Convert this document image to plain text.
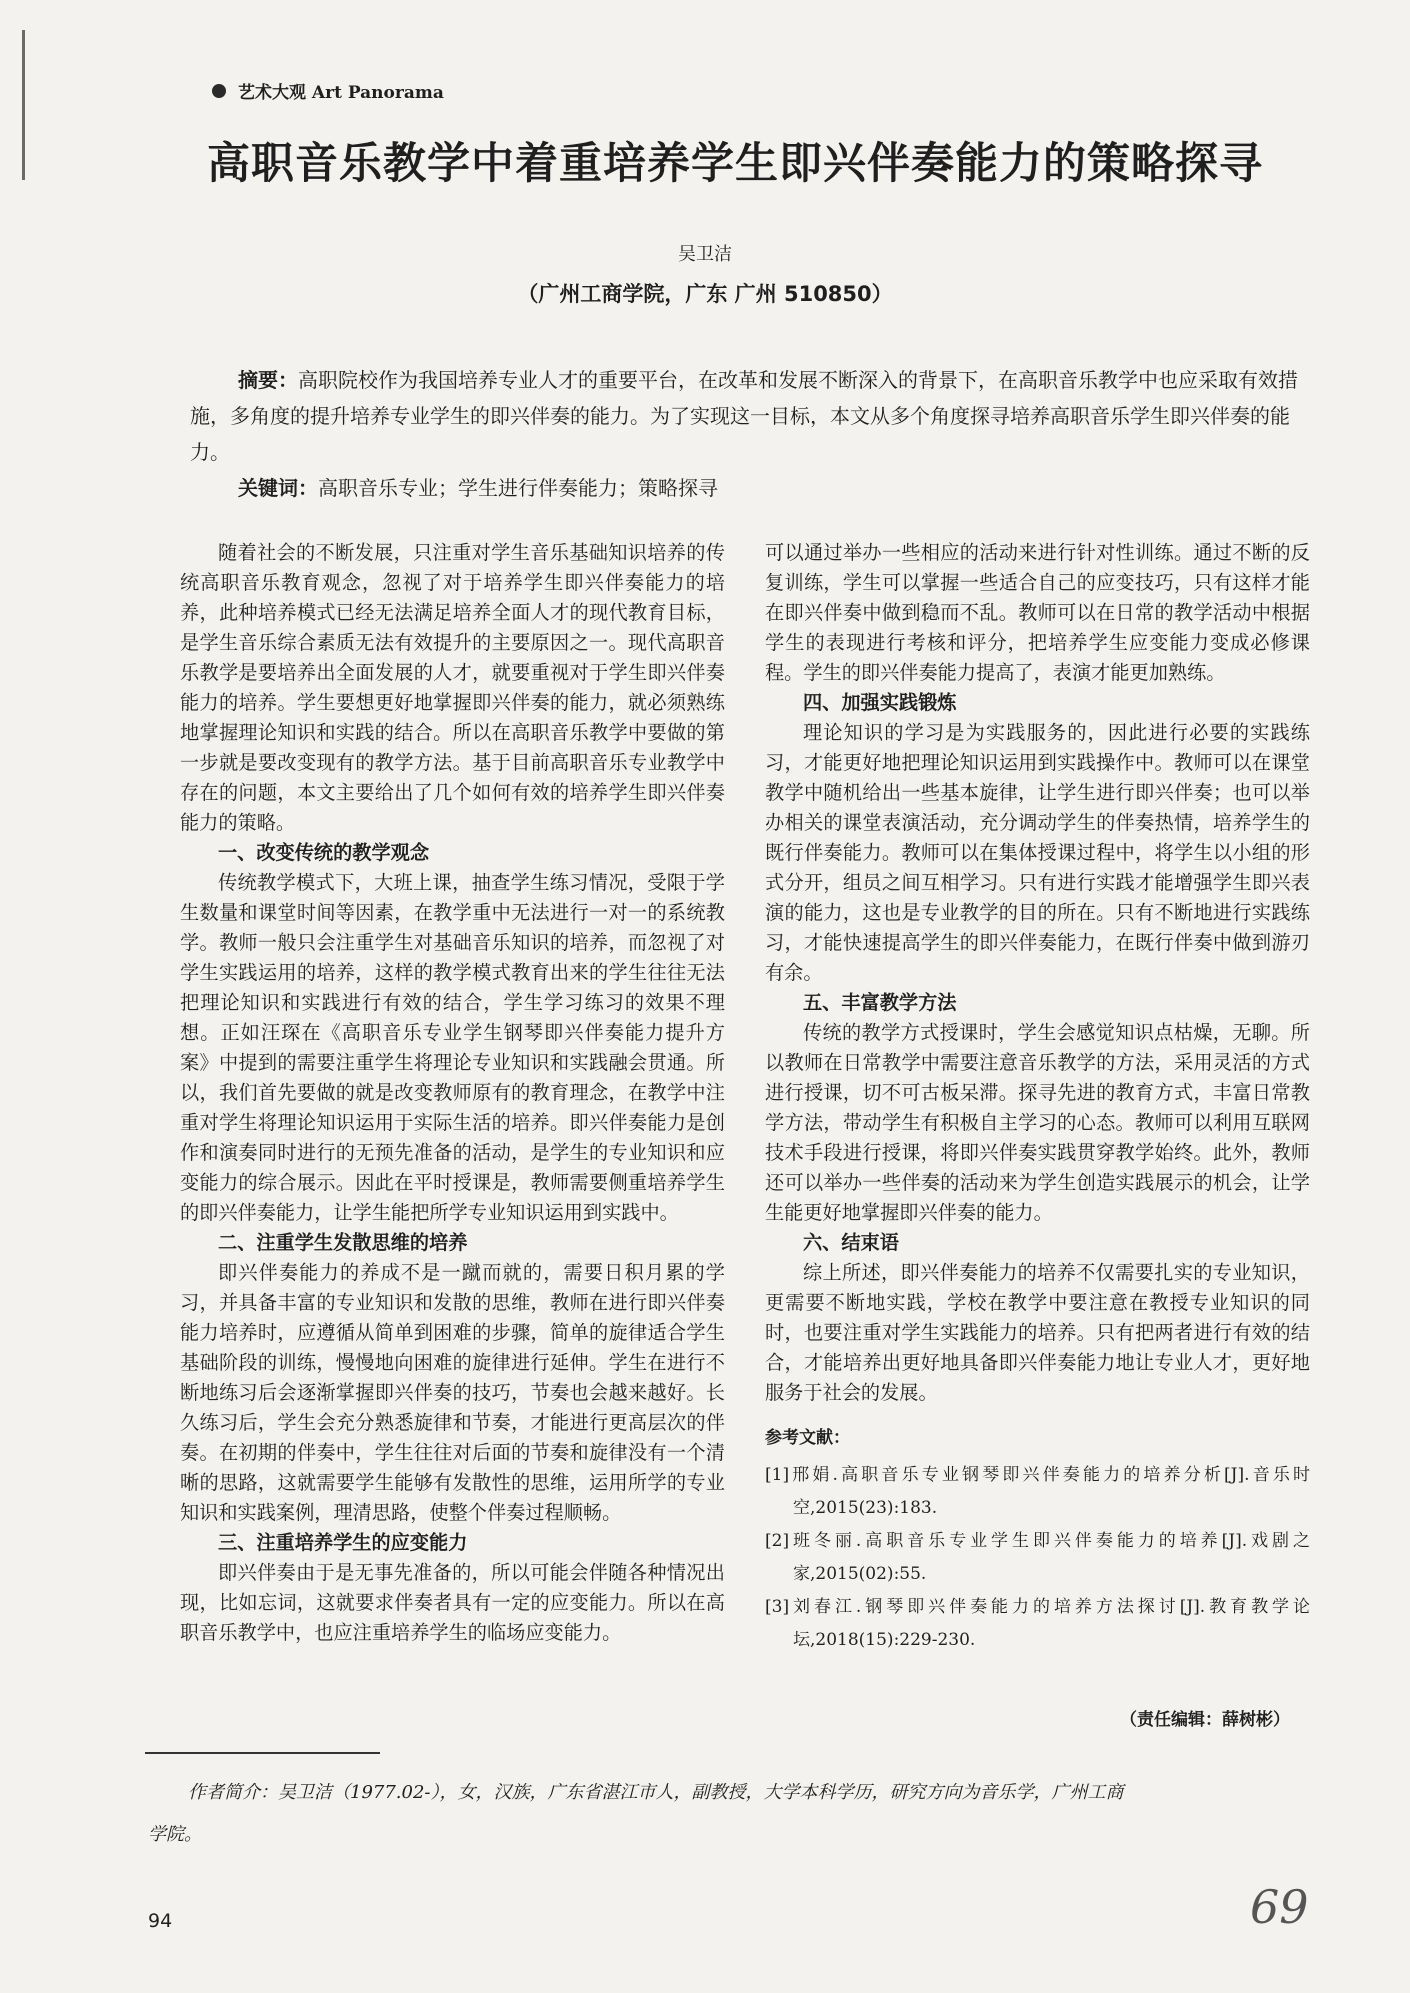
艺术大观 Art Panorama
高职音乐教学中着重培养学生即兴伴奏能力的策略探寻
吴卫洁
（广州工商学院，广东 广州 510850）

摘要：高职院校作为我国培养专业人才的重要平台，在改革和发展不断深入的背景下，在高职音乐教学中也应采取有效措施，多角度的提升培养专业学生的即兴伴奏的能力。为了实现这一目标，本文从多个角度探寻培养高职音乐学生即兴伴奏的能力。

关键词：高职音乐专业；学生进行伴奏能力；策略探寻

随着社会的不断发展，只注重对学生音乐基础知识培养的传统高职音乐教育观念，忽视了对于培养学生即兴伴奏能力的培养，此种培养模式已经无法满足培养全面人才的现代教育目标，是学生音乐综合素质无法有效提升的主要原因之一。现代高职音乐教学是要培养出全面发展的人才，就要重视对于学生即兴伴奏能力的培养。学生要想更好地掌握即兴伴奏的能力，就必须熟练地掌握理论知识和实践的结合。所以在高职音乐教学中要做的第一步就是要改变现有的教学方法。基于目前高职音乐专业教学中存在的问题，本文主要给出了几个如何有效的培养学生即兴伴奏能力的策略。

一、改变传统的教学观念

传统教学模式下，大班上课，抽查学生练习情况，受限于学生数量和课堂时间等因素，在教学重中无法进行一对一的系统教学。教师一般只会注重学生对基础音乐知识的培养，而忽视了对学生实践运用的培养，这样的教学模式教育出来的学生往往无法把理论知识和实践进行有效的结合，学生学习练习的效果不理想。正如汪琛在《高职音乐专业学生钢琴即兴伴奏能力提升方案》中提到的需要注重学生将理论专业知识和实践融会贯通。所以，我们首先要做的就是改变教师原有的教育理念，在教学中注重对学生将理论知识运用于实际生活的培养。即兴伴奏能力是创作和演奏同时进行的无预先准备的活动，是学生的专业知识和应变能力的综合展示。因此在平时授课是，教师需要侧重培养学生的即兴伴奏能力，让学生能把所学专业知识运用到实践中。

二、注重学生发散思维的培养

即兴伴奏能力的养成不是一蹴而就的，需要日积月累的学习，并具备丰富的专业知识和发散的思维，教师在进行即兴伴奏能力培养时，应遵循从简单到困难的步骤，简单的旋律适合学生基础阶段的训练，慢慢地向困难的旋律进行延伸。学生在进行不断地练习后会逐渐掌握即兴伴奏的技巧，节奏也会越来越好。长久练习后，学生会充分熟悉旋律和节奏，才能进行更高层次的伴奏。在初期的伴奏中，学生往往对后面的节奏和旋律没有一个清晰的思路，这就需要学生能够有发散性的思维，运用所学的专业知识和实践案例，理清思路，使整个伴奏过程顺畅。

三、注重培养学生的应变能力

即兴伴奏由于是无事先准备的，所以可能会伴随各种情况出现，比如忘词，这就要求伴奏者具有一定的应变能力。所以在高职音乐教学中，也应注重培养学生的临场应变能力。

可以通过举办一些相应的活动来进行针对性训练。通过不断的反复训练，学生可以掌握一些适合自己的应变技巧，只有这样才能在即兴伴奏中做到稳而不乱。教师可以在日常的教学活动中根据学生的表现进行考核和评分，把培养学生应变能力变成必修课程。学生的即兴伴奏能力提高了，表演才能更加熟练。

四、加强实践锻炼

理论知识的学习是为实践服务的，因此进行必要的实践练习，才能更好地把理论知识运用到实践操作中。教师可以在课堂教学中随机给出一些基本旋律，让学生进行即兴伴奏；也可以举办相关的课堂表演活动，充分调动学生的伴奏热情，培养学生的既行伴奏能力。教师可以在集体授课过程中，将学生以小组的形式分开，组员之间互相学习。只有进行实践才能增强学生即兴表演的能力，这也是专业教学的目的所在。只有不断地进行实践练习，才能快速提高学生的即兴伴奏能力，在既行伴奏中做到游刃有余。

五、丰富教学方法

传统的教学方式授课时，学生会感觉知识点枯燥，无聊。所以教师在日常教学中需要注意音乐教学的方法，采用灵活的方式进行授课，切不可古板呆滞。探寻先进的教育方式，丰富日常教学方法，带动学生有积极自主学习的心态。教师可以利用互联网技术手段进行授课，将即兴伴奏实践贯穿教学始终。此外，教师还可以举办一些伴奏的活动来为学生创造实践展示的机会，让学生能更好地掌握即兴伴奏的能力。

六、结束语

综上所述，即兴伴奏能力的培养不仅需要扎实的专业知识，更需要不断地实践，学校在教学中要注意在教授专业知识的同时，也要注重对学生实践能力的培养。只有把两者进行有效的结合，才能培养出更好地具备即兴伴奏能力地让专业人才，更好地服务于社会的发展。

参考文献：
[1]邢娟.高职音乐专业钢琴即兴伴奏能力的培养分析[J].音乐时空,2015(23):183.
[2]班冬丽.高职音乐专业学生即兴伴奏能力的培养[J].戏剧之家,2015(02):55.
[3]刘春江.钢琴即兴伴奏能力的培养方法探讨[J].教育教学论坛,2018(15):229-230.
（责任编辑：薛树彬）

作者简介：吴卫洁（1977.02-），女，汉族，广东省湛江市人，副教授，大学本科学历，研究方向为音乐学，广州工商

学院。

94	69
